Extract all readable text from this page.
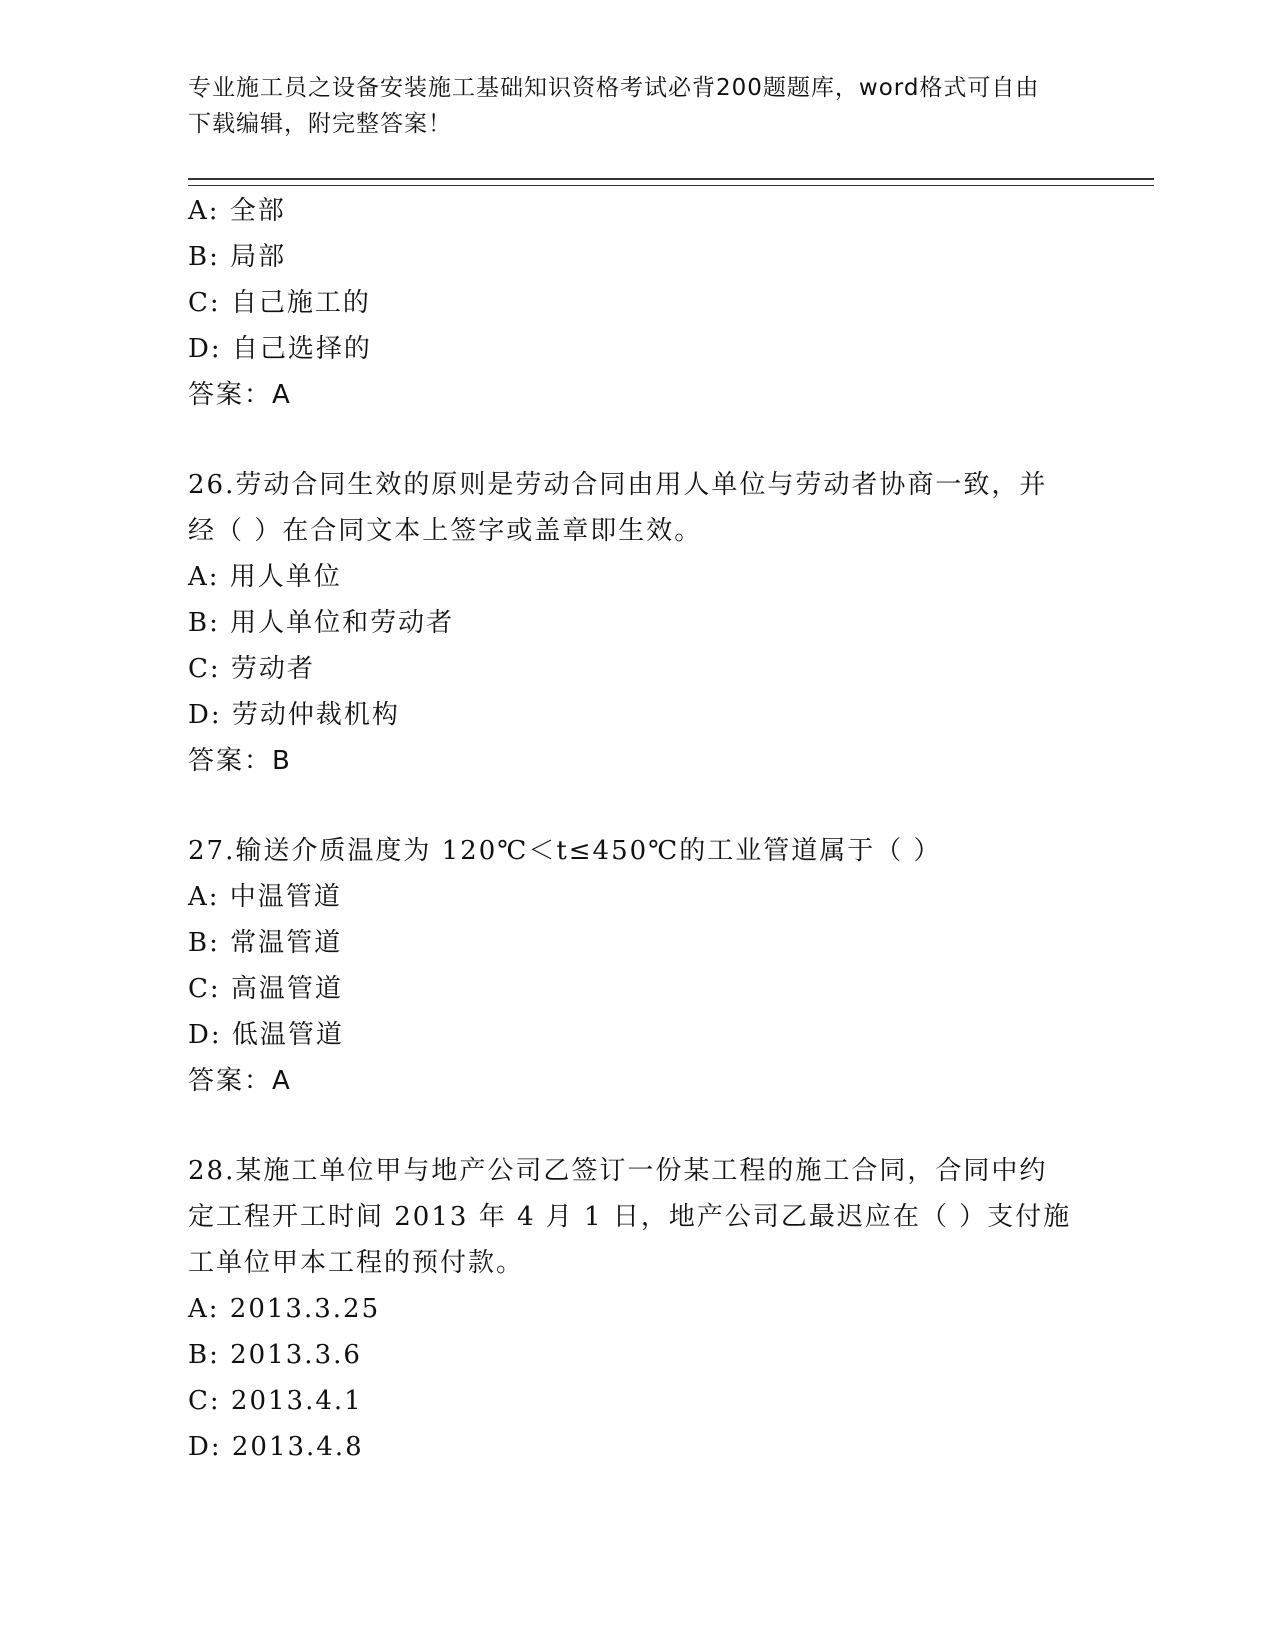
专业施工员之设备安装施工基础知识资格考试必背200题题库，word格式可自由
下载编辑，附完整答案！
A: 全部
B: 局部
C: 自己施工的
D: 自己选择的
答案：A
26.劳动合同生效的原则是劳动合同由用人单位与劳动者协商一致，并
经（ ）在合同文本上签字或盖章即生效。
A: 用人单位
B: 用人单位和劳动者
C: 劳动者
D: 劳动仲裁机构
答案：B
27.输送介质温度为 120℃＜t≤450℃的工业管道属于（ ）
A: 中温管道
B: 常温管道
C: 高温管道
D: 低温管道
答案：A
28.某施工单位甲与地产公司乙签订一份某工程的施工合同，合同中约
定工程开工时间 2013 年 4 月 1 日，地产公司乙最迟应在（ ）支付施
工单位甲本工程的预付款。
A: 2013.3.25
B: 2013.3.6
C: 2013.4.1
D: 2013.4.8
